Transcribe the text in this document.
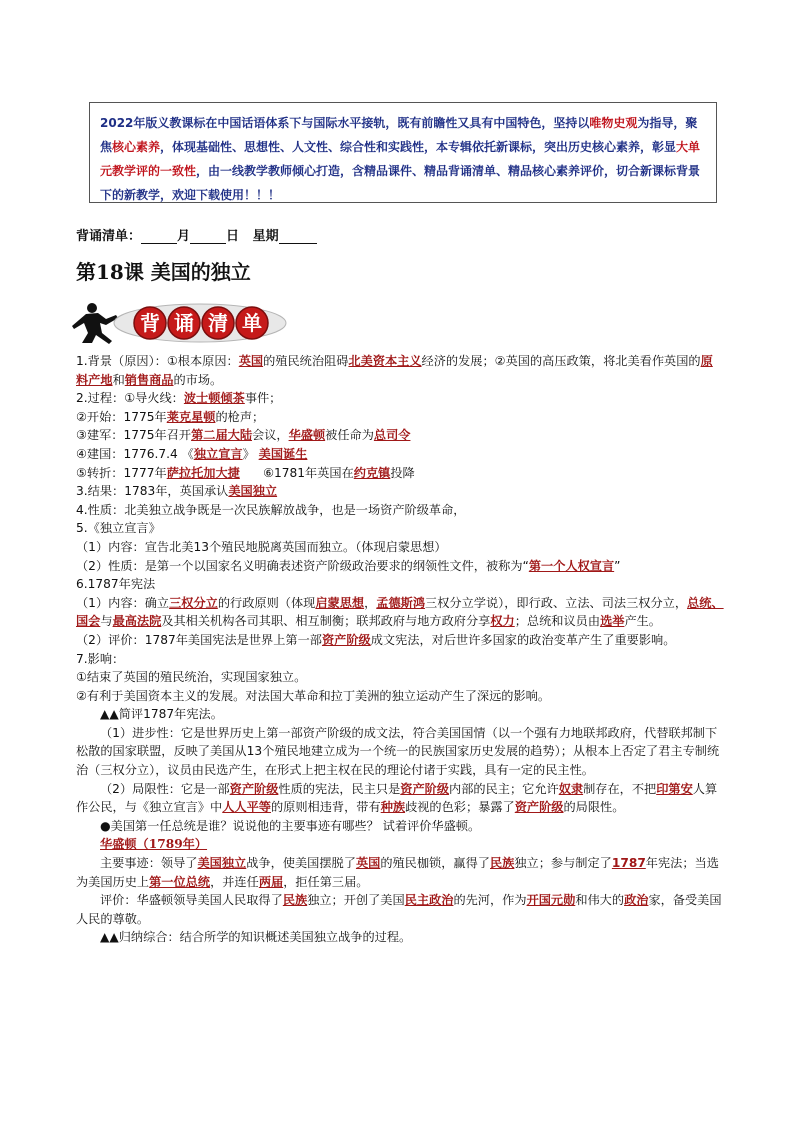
2022年版义教课标在中国话语体系下与国际水平接轨，既有前瞻性又具有中国特色，坚持以唯物史观为指导，聚焦核心素养，体现基础性、思想性、人文性、综合性和实践性，本专辑依托新课标，突出历史核心素养，彰显大单元教学评的一致性，由一线教学教师倾心打造，含精品课件、精品背诵清单、精品核心素养评价，切合新课标背景下的新教学，欢迎下载使用！！！
背诵清单：	月	日 星期
第18课 美国的独立
背 诵 清 单

1.背景（原因）：①根本原因：英国的殖民统治阻碍北美资本主义经济的发展；②英国的高压政策，将北美看作英国的原料产地和销售商品的市场。

2.过程：①导火线：波士顿倾茶事件；

②开始：1775年莱克星顿的枪声；

③建军：1775年召开第二届大陆会议，华盛顿被任命为总司令

④建国：1776.7.4 《独立宣言》 美国诞生

⑤转折：1777年萨拉托加大捷      ⑥1781年英国在约克镇投降

3.结果：1783年，英国承认美国独立

4.性质：北美独立战争既是一次民族解放战争，也是一场资产阶级革命，

5.《独立宣言》

（1）内容：宣告北美13个殖民地脱离英国而独立。（体现启蒙思想）

（2）性质：是第一个以国家名义明确表述资产阶级政治要求的纲领性文件，被称为“第一个人权宣言”

6.1787年宪法

（1）内容：确立三权分立的行政原则（体现启蒙思想，孟德斯鸿三权分立学说），即行政、立法、司法三权分立，总统、国会与最高法院及其相关机构各司其职、相互制衡；联邦政府与地方政府分享权力；总统和议员由选举产生。

（2）评价：1787年美国宪法是世界上第一部资产阶级成文宪法，对后世许多国家的政治变革产生了重要影响。

7.影响：

①结束了英国的殖民统治，实现国家独立。

②有利于美国资本主义的发展。对法国大革命和拉丁美洲的独立运动产生了深远的影响。

▲▲简评1787年宪法。

（1）进步性：它是世界历史上第一部资产阶级的成文法，符合美国国情（以一个强有力地联邦政府，代替联邦制下松散的国家联盟，反映了美国从13个殖民地建立成为一个统一的民族国家历史发展的趋势）；从根本上否定了君主专制统治（三权分立），议员由民选产生，在形式上把主权在民的理论付诸于实践，具有一定的民主性。

（2）局限性：它是一部资产阶级性质的宪法，民主只是资产阶级内部的民主；它允许奴隶制存在，不把印第安人算作公民，与《独立宣言》中人人平等的原则相违背，带有种族歧视的色彩；暴露了资产阶级的局限性。

●美国第一任总统是谁？说说他的主要事迹有哪些？ 试着评价华盛顿。

华盛顿（1789年）

主要事迹：领导了美国独立战争，使美国摆脱了英国的殖民枷锁，赢得了民族独立；参与制定了1787年宪法；当选为美国历史上第一位总统，并连任两届，拒任第三届。

评价：华盛顿领导美国人民取得了民族独立；开创了美国民主政治的先河，作为开国元勋和伟大的政治家，备受美国人民的尊敬。

▲▲归纳综合：结合所学的知识概述美国独立战争的过程。
